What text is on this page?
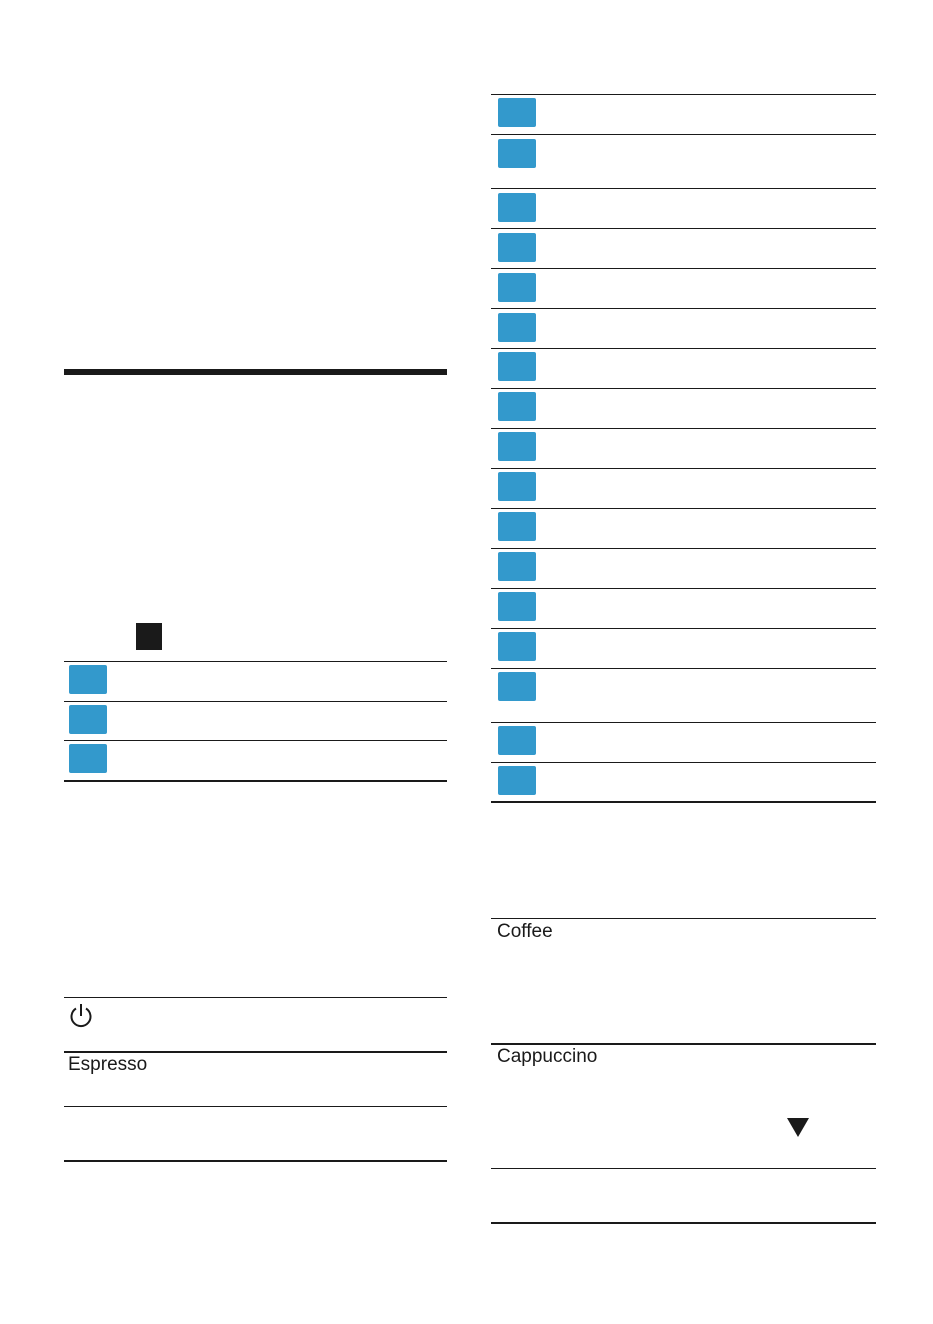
Espresso
Coffee
Cappuccino
